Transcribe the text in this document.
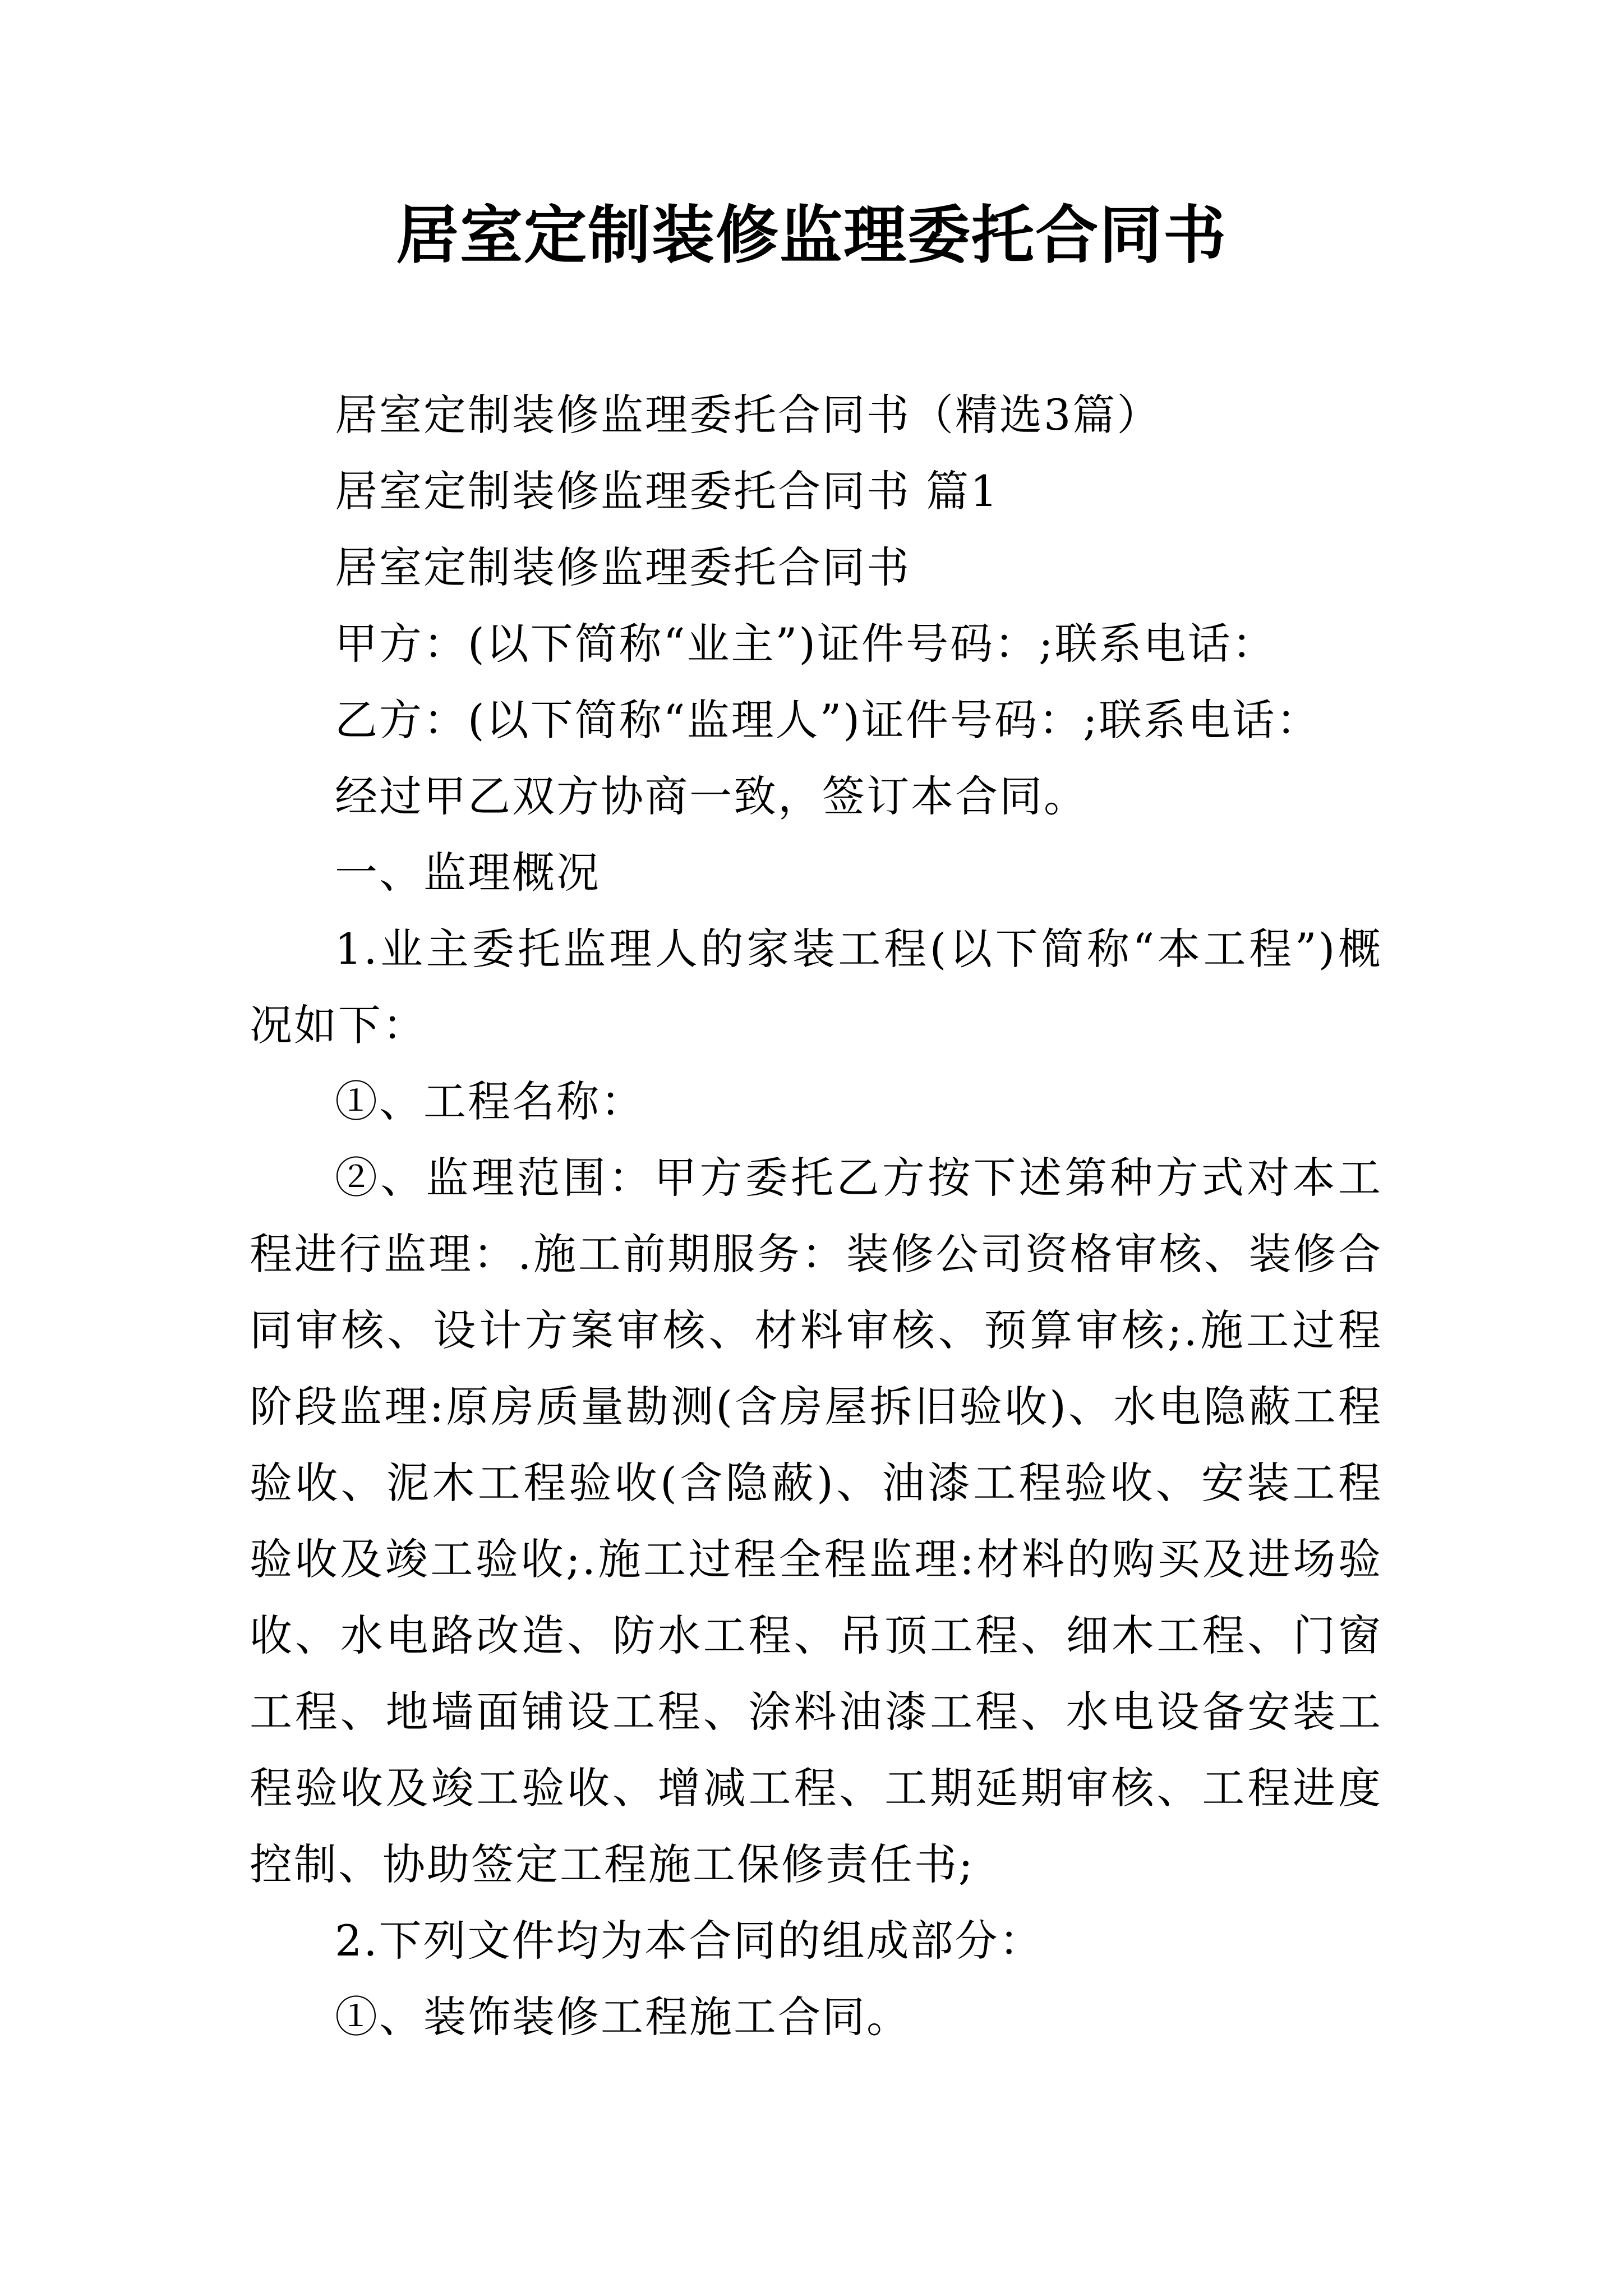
居室定制装修监理委托合同书

居室定制装修监理委托合同书（精选3篇）

居室定制装修监理委托合同书 篇1

居室定制装修监理委托合同书

甲方：(以下简称“业主”)证件号码：;联系电话：

乙方：(以下简称“监理人”)证件号码：;联系电话：

经过甲乙双方协商一致，签订本合同。

一、监理概况

1.业主委托监理人的家装工程(以下简称“本工程”)概况如下：

①、工程名称：

②、监理范围：甲方委托乙方按下述第种方式对本工程进行监理：.施工前期服务：装修公司资格审核、装修合同审核、设计方案审核、材料审核、预算审核;.施工过程阶段监理:原房质量勘测(含房屋拆旧验收)、水电隐蔽工程验收、泥木工程验收(含隐蔽)、油漆工程验收、安装工程验收及竣工验收;.施工过程全程监理:材料的购买及进场验收、水电路改造、防水工程、吊顶工程、细木工程、门窗工程、地墙面铺设工程、涂料油漆工程、水电设备安装工程验收及竣工验收、增减工程、工期延期审核、工程进度控制、协助签定工程施工保修责任书;

2.下列文件均为本合同的组成部分：

①、装饰装修工程施工合同。
